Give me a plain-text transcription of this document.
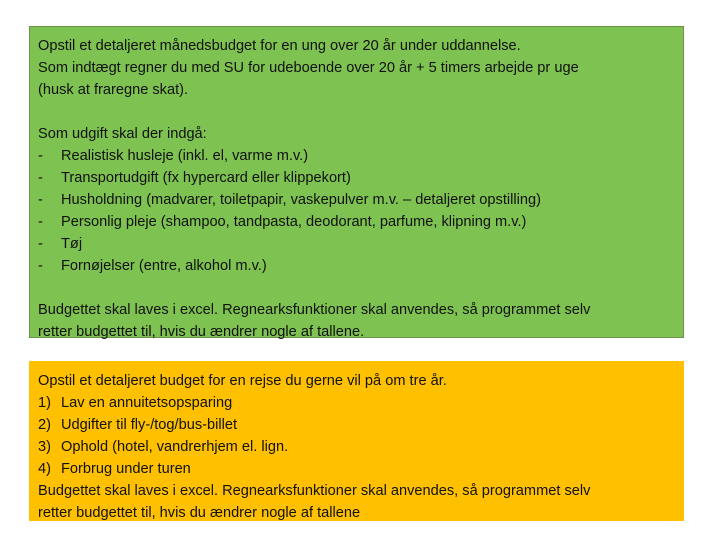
Opstil et detaljeret månedsbudget for en ung over 20 år under uddannelse.
Som indtægt regner du med SU for udeboende over 20 år + 5 timers arbejde pr uge
(husk at fraregne skat).
Som udgift skal der indgå:
-	Realistisk husleje (inkl. el, varme m.v.)
-	Transportudgift (fx hypercard eller klippekort)
-	Husholdning (madvarer, toiletpapir, vaskepulver m.v. – detaljeret opstilling)
-	Personlig pleje (shampoo, tandpasta, deodorant, parfume, klipning m.v.)
-	Tøj
-	Fornøjelser (entre, alkohol m.v.)
Budgettet skal laves i excel. Regnearksfunktioner skal anvendes, så programmet selv
retter budgettet til, hvis du ændrer nogle af tallene.
Opstil et detaljeret budget for en rejse du gerne vil på om tre år.
1) Lav en annuitetsopsparing
2) Udgifter til fly-/tog/bus-billet
3) Ophold (hotel, vandrerhjem el. lign.
4) Forbrug under turen
Budgettet skal laves i excel. Regnearksfunktioner skal anvendes, så programmet selv
retter budgettet til, hvis du ændrer nogle af tallene
